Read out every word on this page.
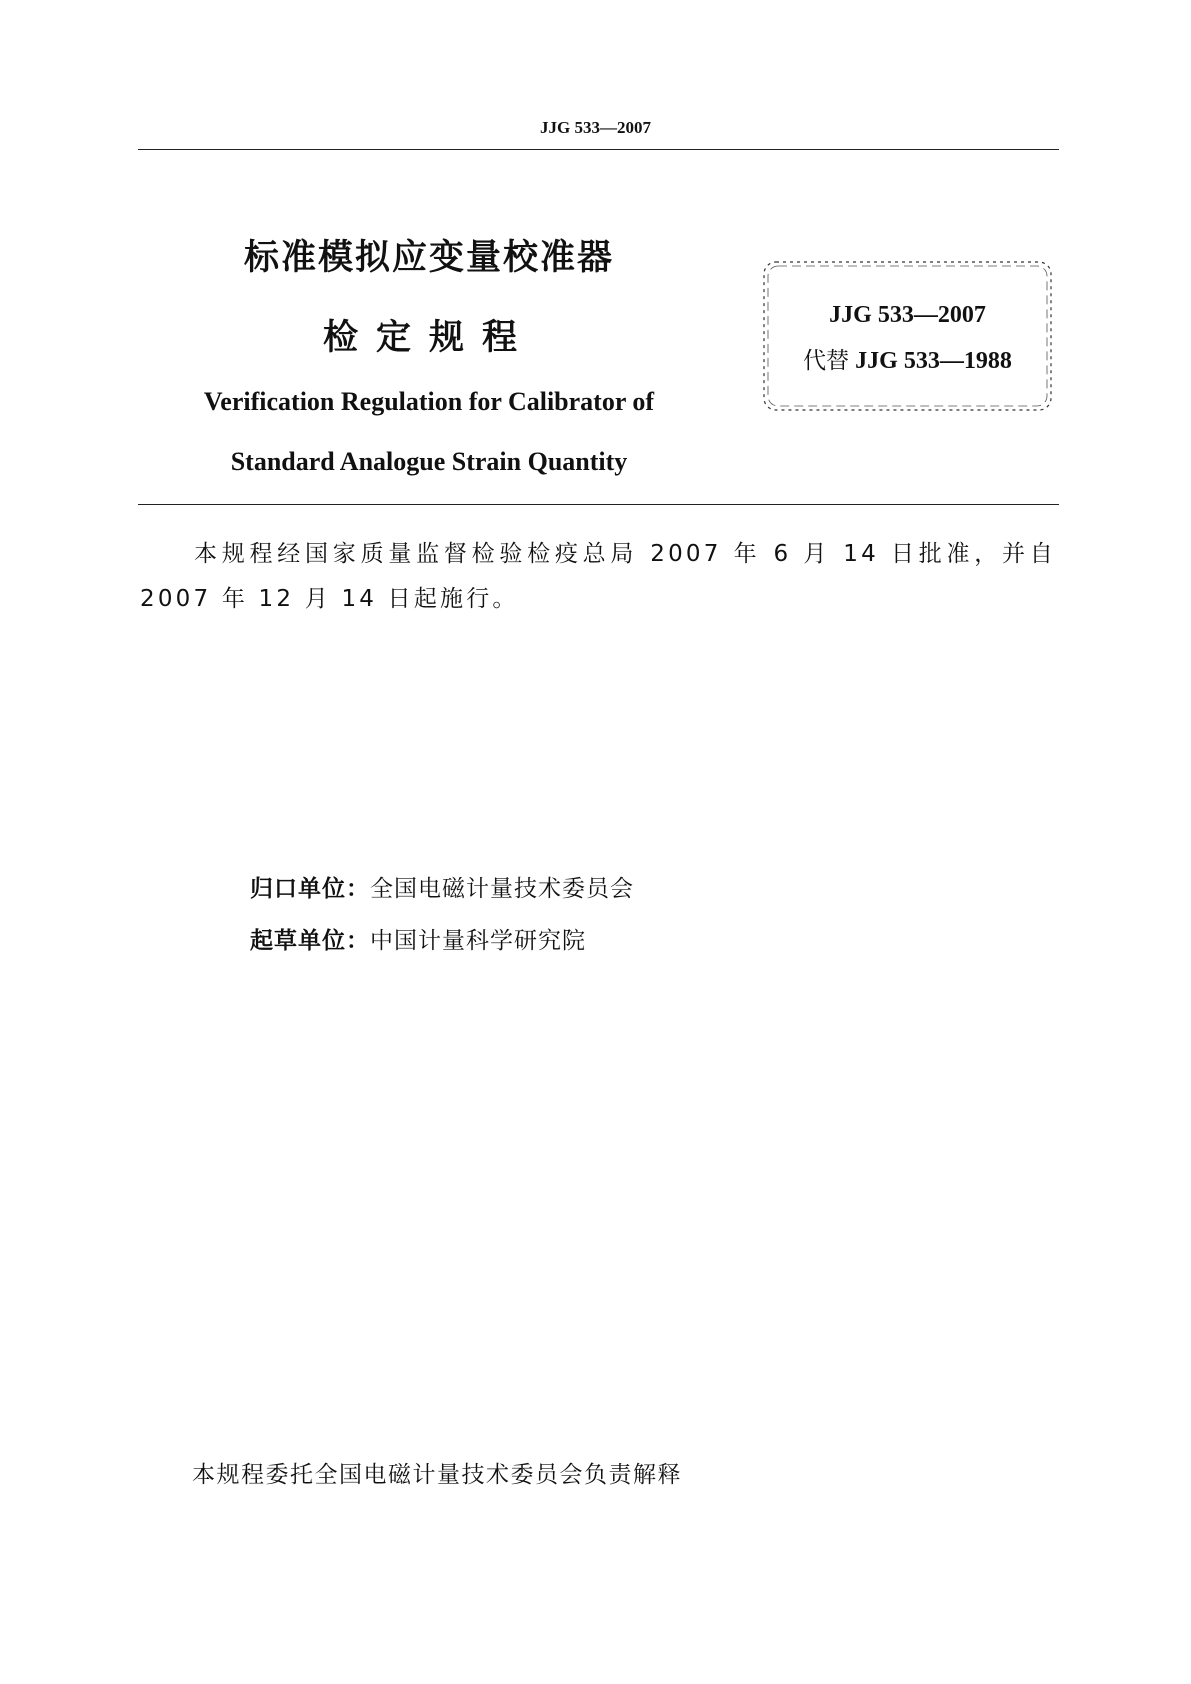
JJG 533—2007
标准模拟应变量校准器
检定规程
Verification Regulation for Calibrator of
Standard Analogue Strain Quantity
JJG 533—2007
代替 JJG 533—1988
本规程经国家质量监督检验检疫总局 2007 年 6 月 14 日批准，并自 2007 年 12 月 14 日起施行。
归口单位：全国电磁计量技术委员会
起草单位：中国计量科学研究院
本规程委托全国电磁计量技术委员会负责解释
